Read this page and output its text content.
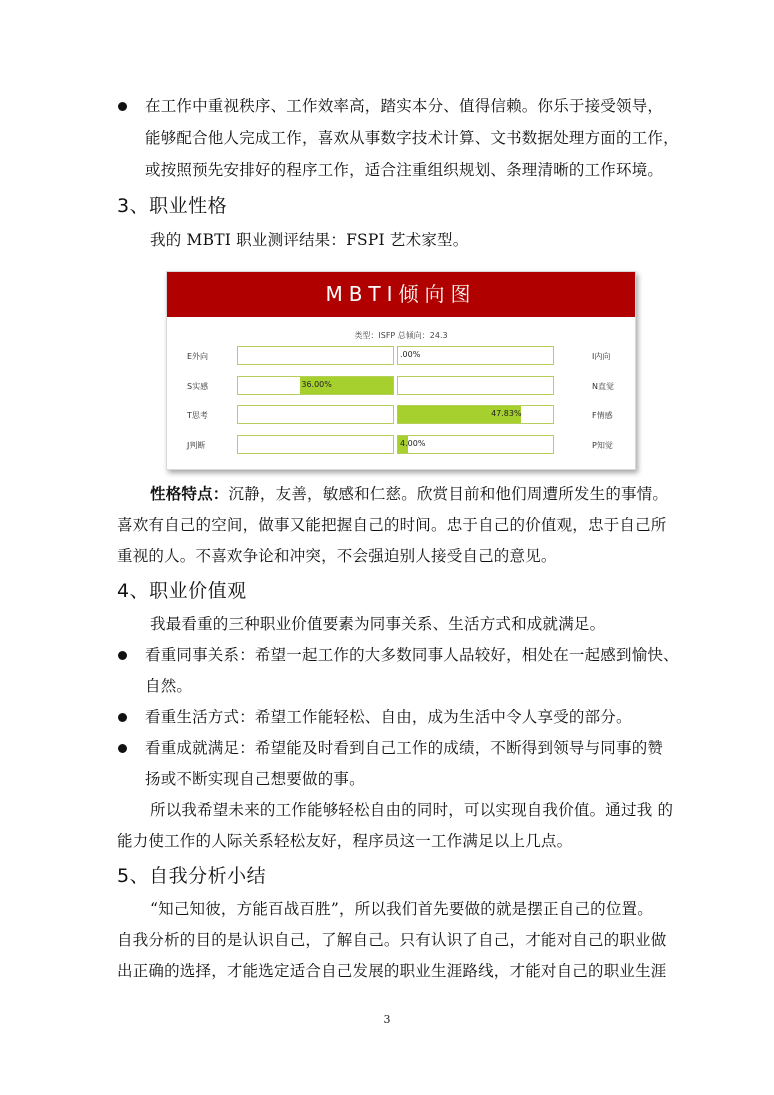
在工作中重视秩序、工作效率高，踏实本分、值得信赖。你乐于接受领导，
能够配合他人完成工作，喜欢从事数字技术计算、文书数据处理方面的工作，
或按照预先安排好的程序工作，适合注重组织规划、条理清晰的工作环境。
3、职业性格
我的 MBTI 职业测评结果：FSPI 艺术家型。
MBTI倾向图
类型：ISFP 总倾向：24.3
E外向	I内向
.00%
S实感	N直觉
36.00%
T思考	F情感
47.83%
J判断	P知觉
4.00%
性格特点：沉静，友善，敏感和仁慈。欣赏目前和他们周遭所发生的事情。
喜欢有自己的空间，做事又能把握自己的时间。忠于自己的价值观，忠于自己所
重视的人。不喜欢争论和冲突，不会强迫别人接受自己的意见。
4、职业价值观
我最看重的三种职业价值要素为同事关系、生活方式和成就满足。
看重同事关系：希望一起工作的大多数同事人品较好，相处在一起感到愉快、
自然。
看重生活方式：希望工作能轻松、自由，成为生活中令人享受的部分。
看重成就满足：希望能及时看到自己工作的成绩，不断得到领导与同事的赞
扬或不断实现自己想要做的事。
所以我希望未来的工作能够轻松自由的同时，可以实现自我价值。通过我 的
能力使工作的人际关系轻松友好，程序员这一工作满足以上几点。
5、自我分析小结
“知己知彼，方能百战百胜”，所以我们首先要做的就是摆正自己的位置。
自我分析的目的是认识自己，了解自己。只有认识了自己，才能对自己的职业做
出正确的选择，才能选定适合自己发展的职业生涯路线，才能对自己的职业生涯
3
